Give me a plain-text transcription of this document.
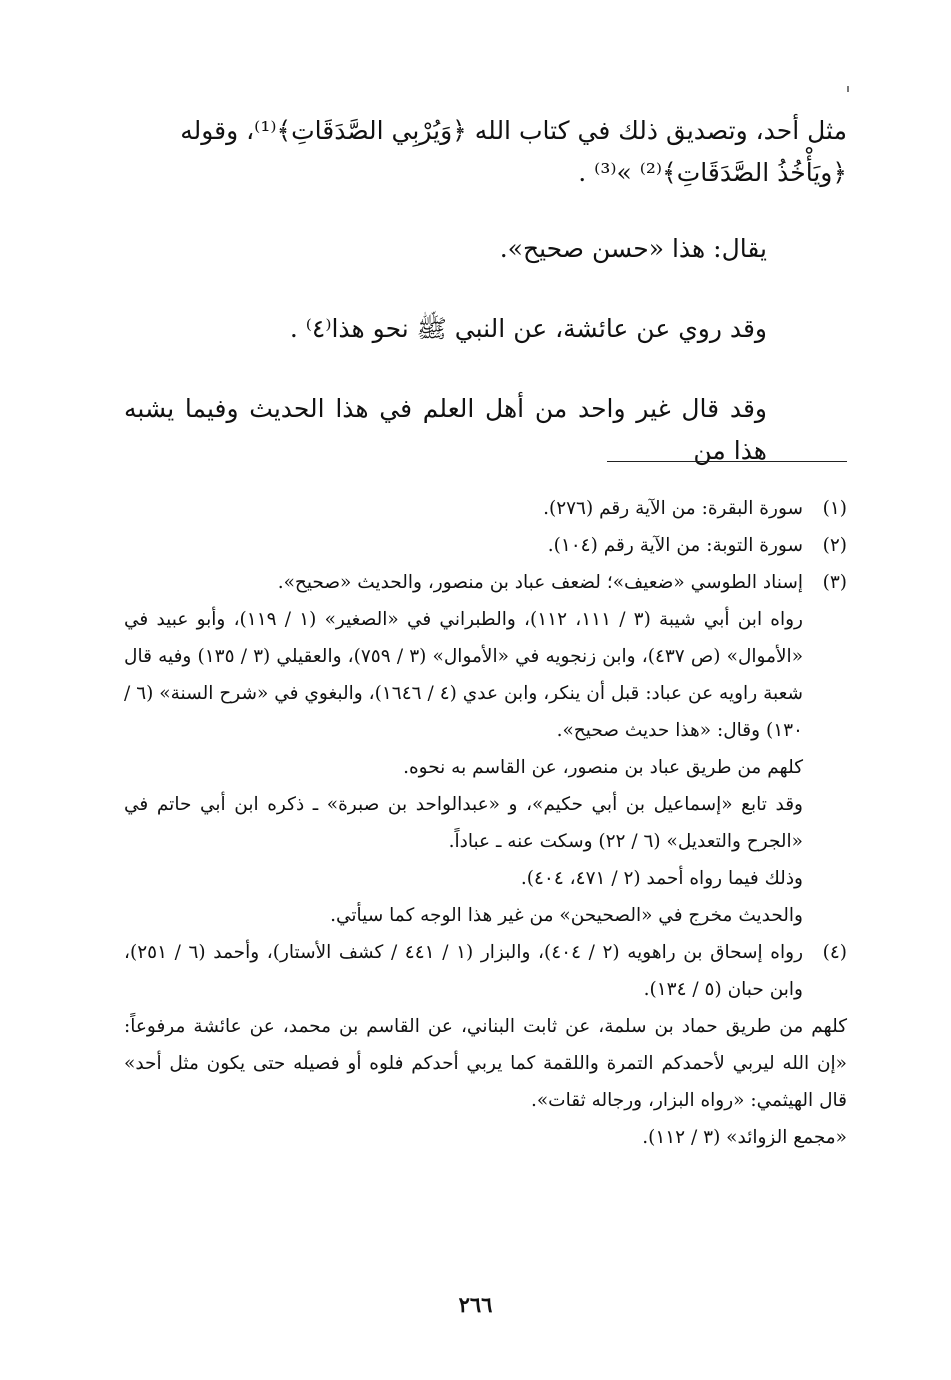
مثل أحد، وتصديق ذلك في كتاب الله ﴿وَيُرْبِي الصَّدَقَاتِ﴾⁽¹⁾، وقوله
﴿ويَأْخُذُ الصَّدَقَاتِ﴾⁽²⁾ »⁽³⁾ .

يقال: هذا «حسن صحيح».

وقد روي عن عائشة، عن النبي ﷺ نحو هذا⁽٤⁾ .

وقد قال غير واحد من أهل العلم في هذا الحديث وفيما يشبه هذا من

(١)
سورة البقرة: من الآية رقم (٢٧٦).
(٢)
سورة التوبة: من الآية رقم (١٠٤).
(٣)
إسناد الطوسي «ضعيف»؛ لضعف عباد بن منصور، والحديث «صحيح».
رواه ابن أبي شيبة (٣ / ١١١، ١١٢)، والطبراني في «الصغير» (١ / ١١٩)، وأبو عبيد في «الأموال» (ص ٤٣٧)، وابن زنجويه في «الأموال» (٣ / ٧٥٩)، والعقيلي (٣ / ١٣٥) وفيه قال شعبة راويه عن عباد: قبل أن ينكر، وابن عدي (٤ / ١٦٤٦)، والبغوي في «شرح السنة» (٦ / ١٣٠) وقال: «هذا حديث صحيح».
كلهم من طريق عباد بن منصور، عن القاسم به نحوه.
وقد تابع «إسماعيل بن أبي حكيم»، و «عبدالواحد بن صبرة» ـ ذكره ابن أبي حاتم في «الجرح والتعديل» (٦ / ٢٢) وسكت عنه ـ عباداً.
وذلك فيما رواه أحمد (٢ / ٤٧١، ٤٠٤).
والحديث مخرج في «الصحيحن» من غير هذا الوجه كما سيأتي.
(٤)
رواه إسحاق بن راهويه (٢ / ٤٠٤)، والبزار (١ / ٤٤١ / كشف الأستار)، وأحمد (٦ / ٢٥١)، وابن حبان (٥ / ١٣٤).
كلهم من طريق حماد بن سلمة، عن ثابت البناني، عن القاسم بن محمد، عن عائشة مرفوعاً: «إن الله ليربي لأحمدكم التمرة واللقمة كما يربي أحدكم فلوه أو فصيله حتى يكون مثل أحد» قال الهيثمي: «رواه البزار، ورجاله ثقات».
«مجمع الزوائد» (٣ / ١١٢).
٢٦٦
